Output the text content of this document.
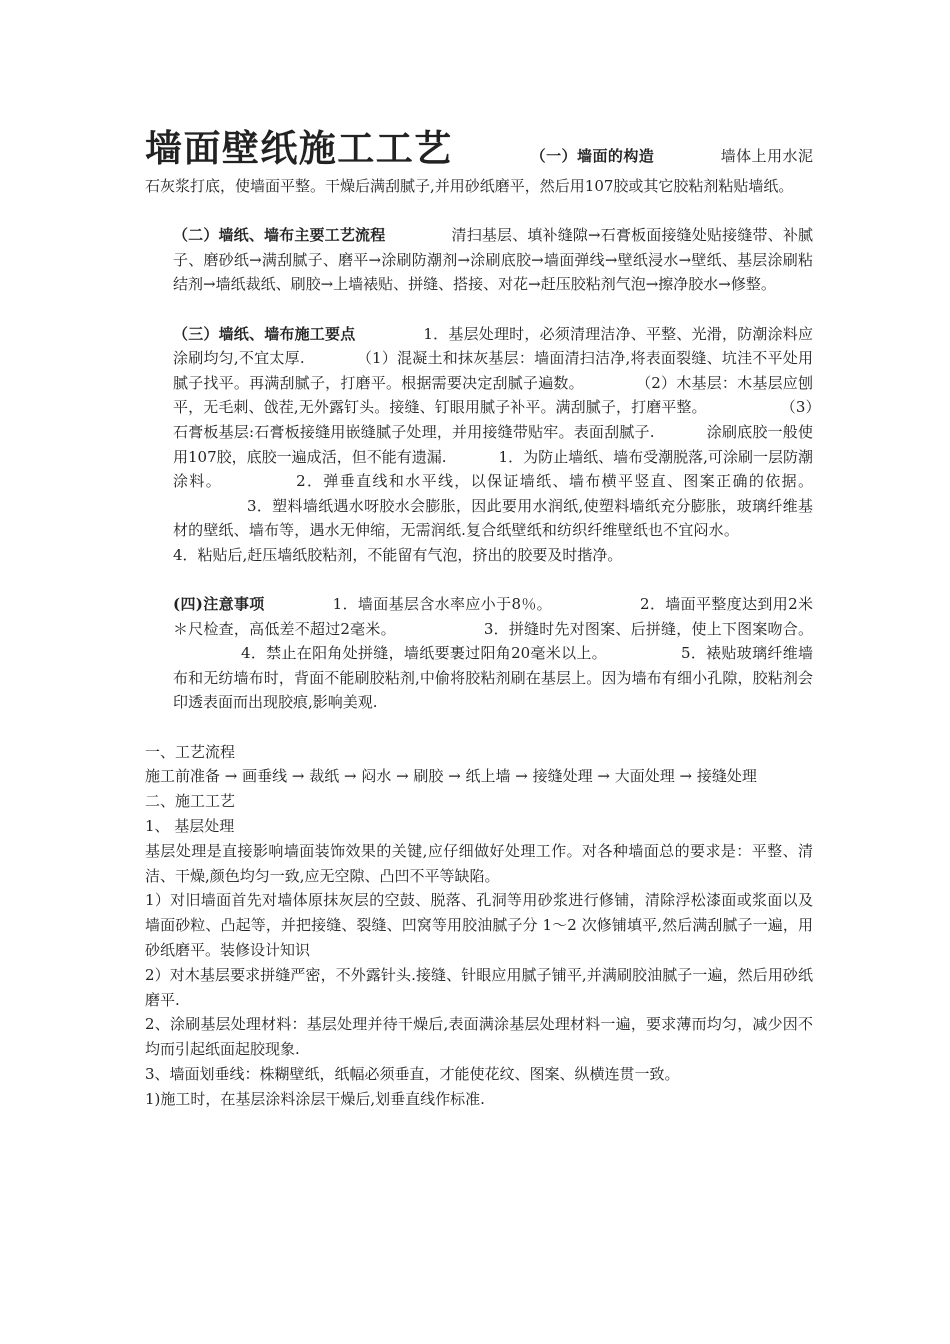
墙面壁纸施工工艺	（一）墙面的构造	墙体上用水泥石灰浆打底，使墙面平整。干燥后满刮腻子,并用砂纸磨平，然后用107胶或其它胶粘剂粘贴墙纸。

（二）墙纸、墙布主要工艺流程	清扫基层、填补缝隙→石膏板面接缝处贴接缝带、补腻子、磨砂纸→满刮腻子、磨平→涂刷防潮剂→涂刷底胶→墙面弹线→壁纸浸水→壁纸、基层涂刷粘结剂→墙纸裁纸、刷胶→上墙裱贴、拼缝、搭接、对花→赶压胶粘剂气泡→擦净胶水→修整。

（三）墙纸、墙布施工要点	1．基层处理时，必须清理洁净、平整、光滑，防潮涂料应涂刷均匀,不宜太厚.	（1）混凝土和抹灰基层：墙面清扫洁净,将表面裂缝、坑洼不平处用腻子找平。再满刮腻子，打磨平。根据需要决定刮腻子遍数。	（2）木基层：木基层应刨平，无毛刺、戗茬,无外露钉头。接缝、钉眼用腻子补平。满刮腻子，打磨平整。	（3）石膏板基层:石膏板接缝用嵌缝腻子处理，并用接缝带贴牢。表面刮腻子.	涂刷底胶一般使用107胶，底胶一遍成活，但不能有遗漏.	1．为防止墙纸、墙布受潮脱落,可涂刷一层防潮涂料。	2．弹垂直线和水平线，以保证墙纸、墙布横平竖直、图案正确的依据。3．塑料墙纸遇水呀胶水会膨胀，因此要用水润纸,使塑料墙纸充分膨胀，玻璃纤维基材的壁纸、墙布等，遇水无伸缩，无需润纸.复合纸壁纸和纺织纤维壁纸也不宜闷水。4．粘贴后,赶压墙纸胶粘剂，不能留有气泡，挤出的胶要及时揩净。

(四)注意事项	1．墙面基层含水率应小于8％。	2．墙面平整度达到用2米＊尺检查，高低差不超过2毫米。	3．拼缝时先对图案、后拼缝，使上下图案吻合。4．禁止在阳角处拼缝，墙纸要裹过阳角20毫米以上。	5．裱贴玻璃纤维墙布和无纺墙布时，背面不能刷胶粘剂,中偷将胶粘剂刷在基层上。因为墙布有细小孔隙，胶粘剂会印透表面而出现胶痕,影响美观.

一、工艺流程

施工前准备 → 画垂线 → 裁纸 → 闷水 → 刷胶 → 纸上墙 → 接缝处理 → 大面处理 → 接缝处理

二、施工工艺

1、 基层处理

基层处理是直接影响墙面装饰效果的关键,应仔细做好处理工作。对各种墙面总的要求是：平整、清洁、干燥,颜色均匀一致,应无空隙、凸凹不平等缺陷。

1）对旧墙面首先对墙体原抹灰层的空鼓、脱落、孔洞等用砂浆进行修铺，清除浮松漆面或浆面以及墙面砂粒、凸起等，并把接缝、裂缝、凹窝等用胶油腻子分 1～2 次修铺填平,然后满刮腻子一遍，用砂纸磨平。装修设计知识

2）对木基层要求拼缝严密，不外露针头.接缝、针眼应用腻子铺平,并满刷胶油腻子一遍，然后用砂纸磨平.

2、涂刷基层处理材料：基层处理并待干燥后,表面满涂基层处理材料一遍，要求薄而均匀，减少因不均而引起纸面起胶现象.

3、墙面划垂线：株糊壁纸，纸幅必须垂直，才能使花纹、图案、纵横连贯一致。

1)施工时，在基层涂料涂层干燥后,划垂直线作标准.
